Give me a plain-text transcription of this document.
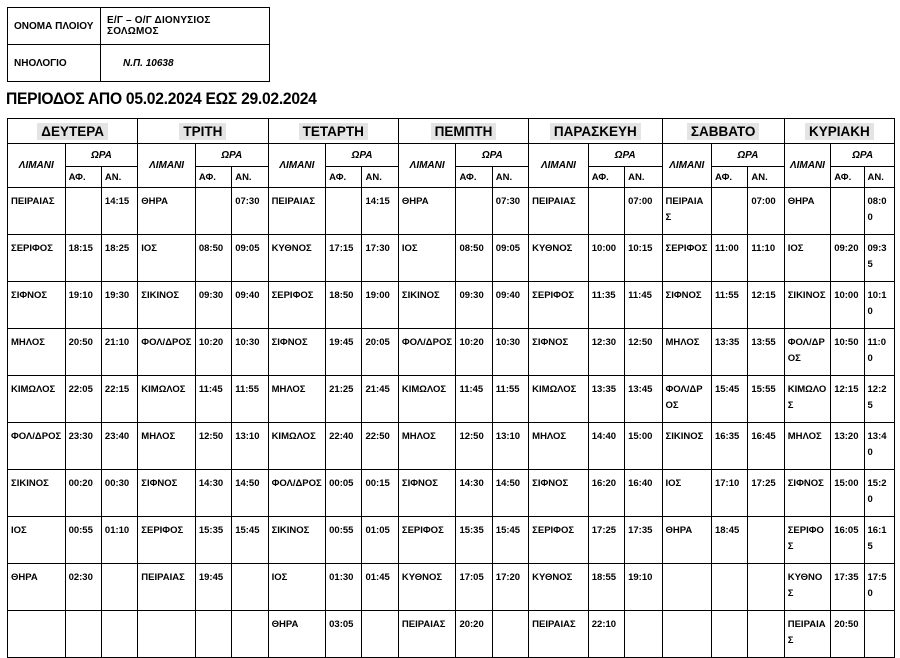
ΟΝΟΜΑ ΠΛΟΙΟΥ	Ε/Γ – Ο/Γ ΔΙΟΝΥΣΙΟΣ ΣΟΛΩΜΟΣ
ΝΗΟΛΟΓΙΟ	Ν.Π. 10638
ΠΕΡΙΟΔΟΣ ΑΠΟ 05.02.2024 ΕΩΣ 29.02.2024
ΔΕΥΤΕΡΑ			ΤΡΙΤΗ			ΤΕΤΑΡΤΗ			ΠΕΜΠΤΗ			ΠΑΡΑΣΚΕΥΗ			ΣΑΒΒΑΤΟ			ΚΥΡΙΑΚΗ		
ΛΙΜΑΝΙ	ΩΡΑ		ΛΙΜΑΝΙ	ΩΡΑ		ΛΙΜΑΝΙ	ΩΡΑ		ΛΙΜΑΝΙ	ΩΡΑ		ΛΙΜΑΝΙ	ΩΡΑ		ΛΙΜΑΝΙ	ΩΡΑ		ΛΙΜΑΝΙ	ΩΡΑ	
	ΑΦ.	ΑΝ.		ΑΦ.	ΑΝ.		ΑΦ.	ΑΝ.		ΑΦ.	ΑΝ.		ΑΦ.	ΑΝ.		ΑΦ.	ΑΝ.		ΑΦ.	ΑΝ.
ΠΕΙΡΑΙΑΣ		14:15	ΘΗΡΑ		07:30	ΠΕΙΡΑΙΑΣ		14:15	ΘΗΡΑ		07:30	ΠΕΙΡΑΙΑΣ		07:00	ΠΕΙΡΑΙΑΣ		07:00	ΘΗΡΑ		08:00
ΣΕΡΙΦΟΣ	18:15	18:25	ΙΟΣ	08:50	09:05	ΚΥΘΝΟΣ	17:15	17:30	ΙΟΣ	08:50	09:05	ΚΥΘΝΟΣ	10:00	10:15	ΣΕΡΙΦΟΣ	11:00	11:10	ΙΟΣ	09:20	09:35
ΣΙΦΝΟΣ	19:10	19:30	ΣΙΚΙΝΟΣ	09:30	09:40	ΣΕΡΙΦΟΣ	18:50	19:00	ΣΙΚΙΝΟΣ	09:30	09:40	ΣΕΡΙΦΟΣ	11:35	11:45	ΣΙΦΝΟΣ	11:55	12:15	ΣΙΚΙΝΟΣ	10:00	10:10
ΜΗΛΟΣ	20:50	21:10	ΦΟΛ/ΔΡΟΣ	10:20	10:30	ΣΙΦΝΟΣ	19:45	20:05	ΦΟΛ/ΔΡΟΣ	10:20	10:30	ΣΙΦΝΟΣ	12:30	12:50	ΜΗΛΟΣ	13:35	13:55	ΦΟΛ/ΔΡΟΣ	10:50	11:00
ΚΙΜΩΛΟΣ	22:05	22:15	ΚΙΜΩΛΟΣ	11:45	11:55	ΜΗΛΟΣ	21:25	21:45	ΚΙΜΩΛΟΣ	11:45	11:55	ΚΙΜΩΛΟΣ	13:35	13:45	ΦΟΛ/ΔΡΟΣ	15:45	15:55	ΚΙΜΩΛΟΣ	12:15	12:25
ΦΟΛ/ΔΡΟΣ	23:30	23:40	ΜΗΛΟΣ	12:50	13:10	ΚΙΜΩΛΟΣ	22:40	22:50	ΜΗΛΟΣ	12:50	13:10	ΜΗΛΟΣ	14:40	15:00	ΣΙΚΙΝΟΣ	16:35	16:45	ΜΗΛΟΣ	13:20	13:40
ΣΙΚΙΝΟΣ	00:20	00:30	ΣΙΦΝΟΣ	14:30	14:50	ΦΟΛ/ΔΡΟΣ	00:05	00:15	ΣΙΦΝΟΣ	14:30	14:50	ΣΙΦΝΟΣ	16:20	16:40	ΙΟΣ	17:10	17:25	ΣΙΦΝΟΣ	15:00	15:20
ΙΟΣ	00:55	01:10	ΣΕΡΙΦΟΣ	15:35	15:45	ΣΙΚΙΝΟΣ	00:55	01:05	ΣΕΡΙΦΟΣ	15:35	15:45	ΣΕΡΙΦΟΣ	17:25	17:35	ΘΗΡΑ	18:45		ΣΕΡΙΦΟΣ	16:05	16:15
ΘΗΡΑ	02:30		ΠΕΙΡΑΙΑΣ	19:45		ΙΟΣ	01:30	01:45	ΚΥΘΝΟΣ	17:05	17:20	ΚΥΘΝΟΣ	18:55	19:10				ΚΥΘΝΟΣ	17:35	17:50
						ΘΗΡΑ	03:05		ΠΕΙΡΑΙΑΣ	20:20		ΠΕΙΡΑΙΑΣ	22:10					ΠΕΙΡΑΙΑΣ	20:50	
